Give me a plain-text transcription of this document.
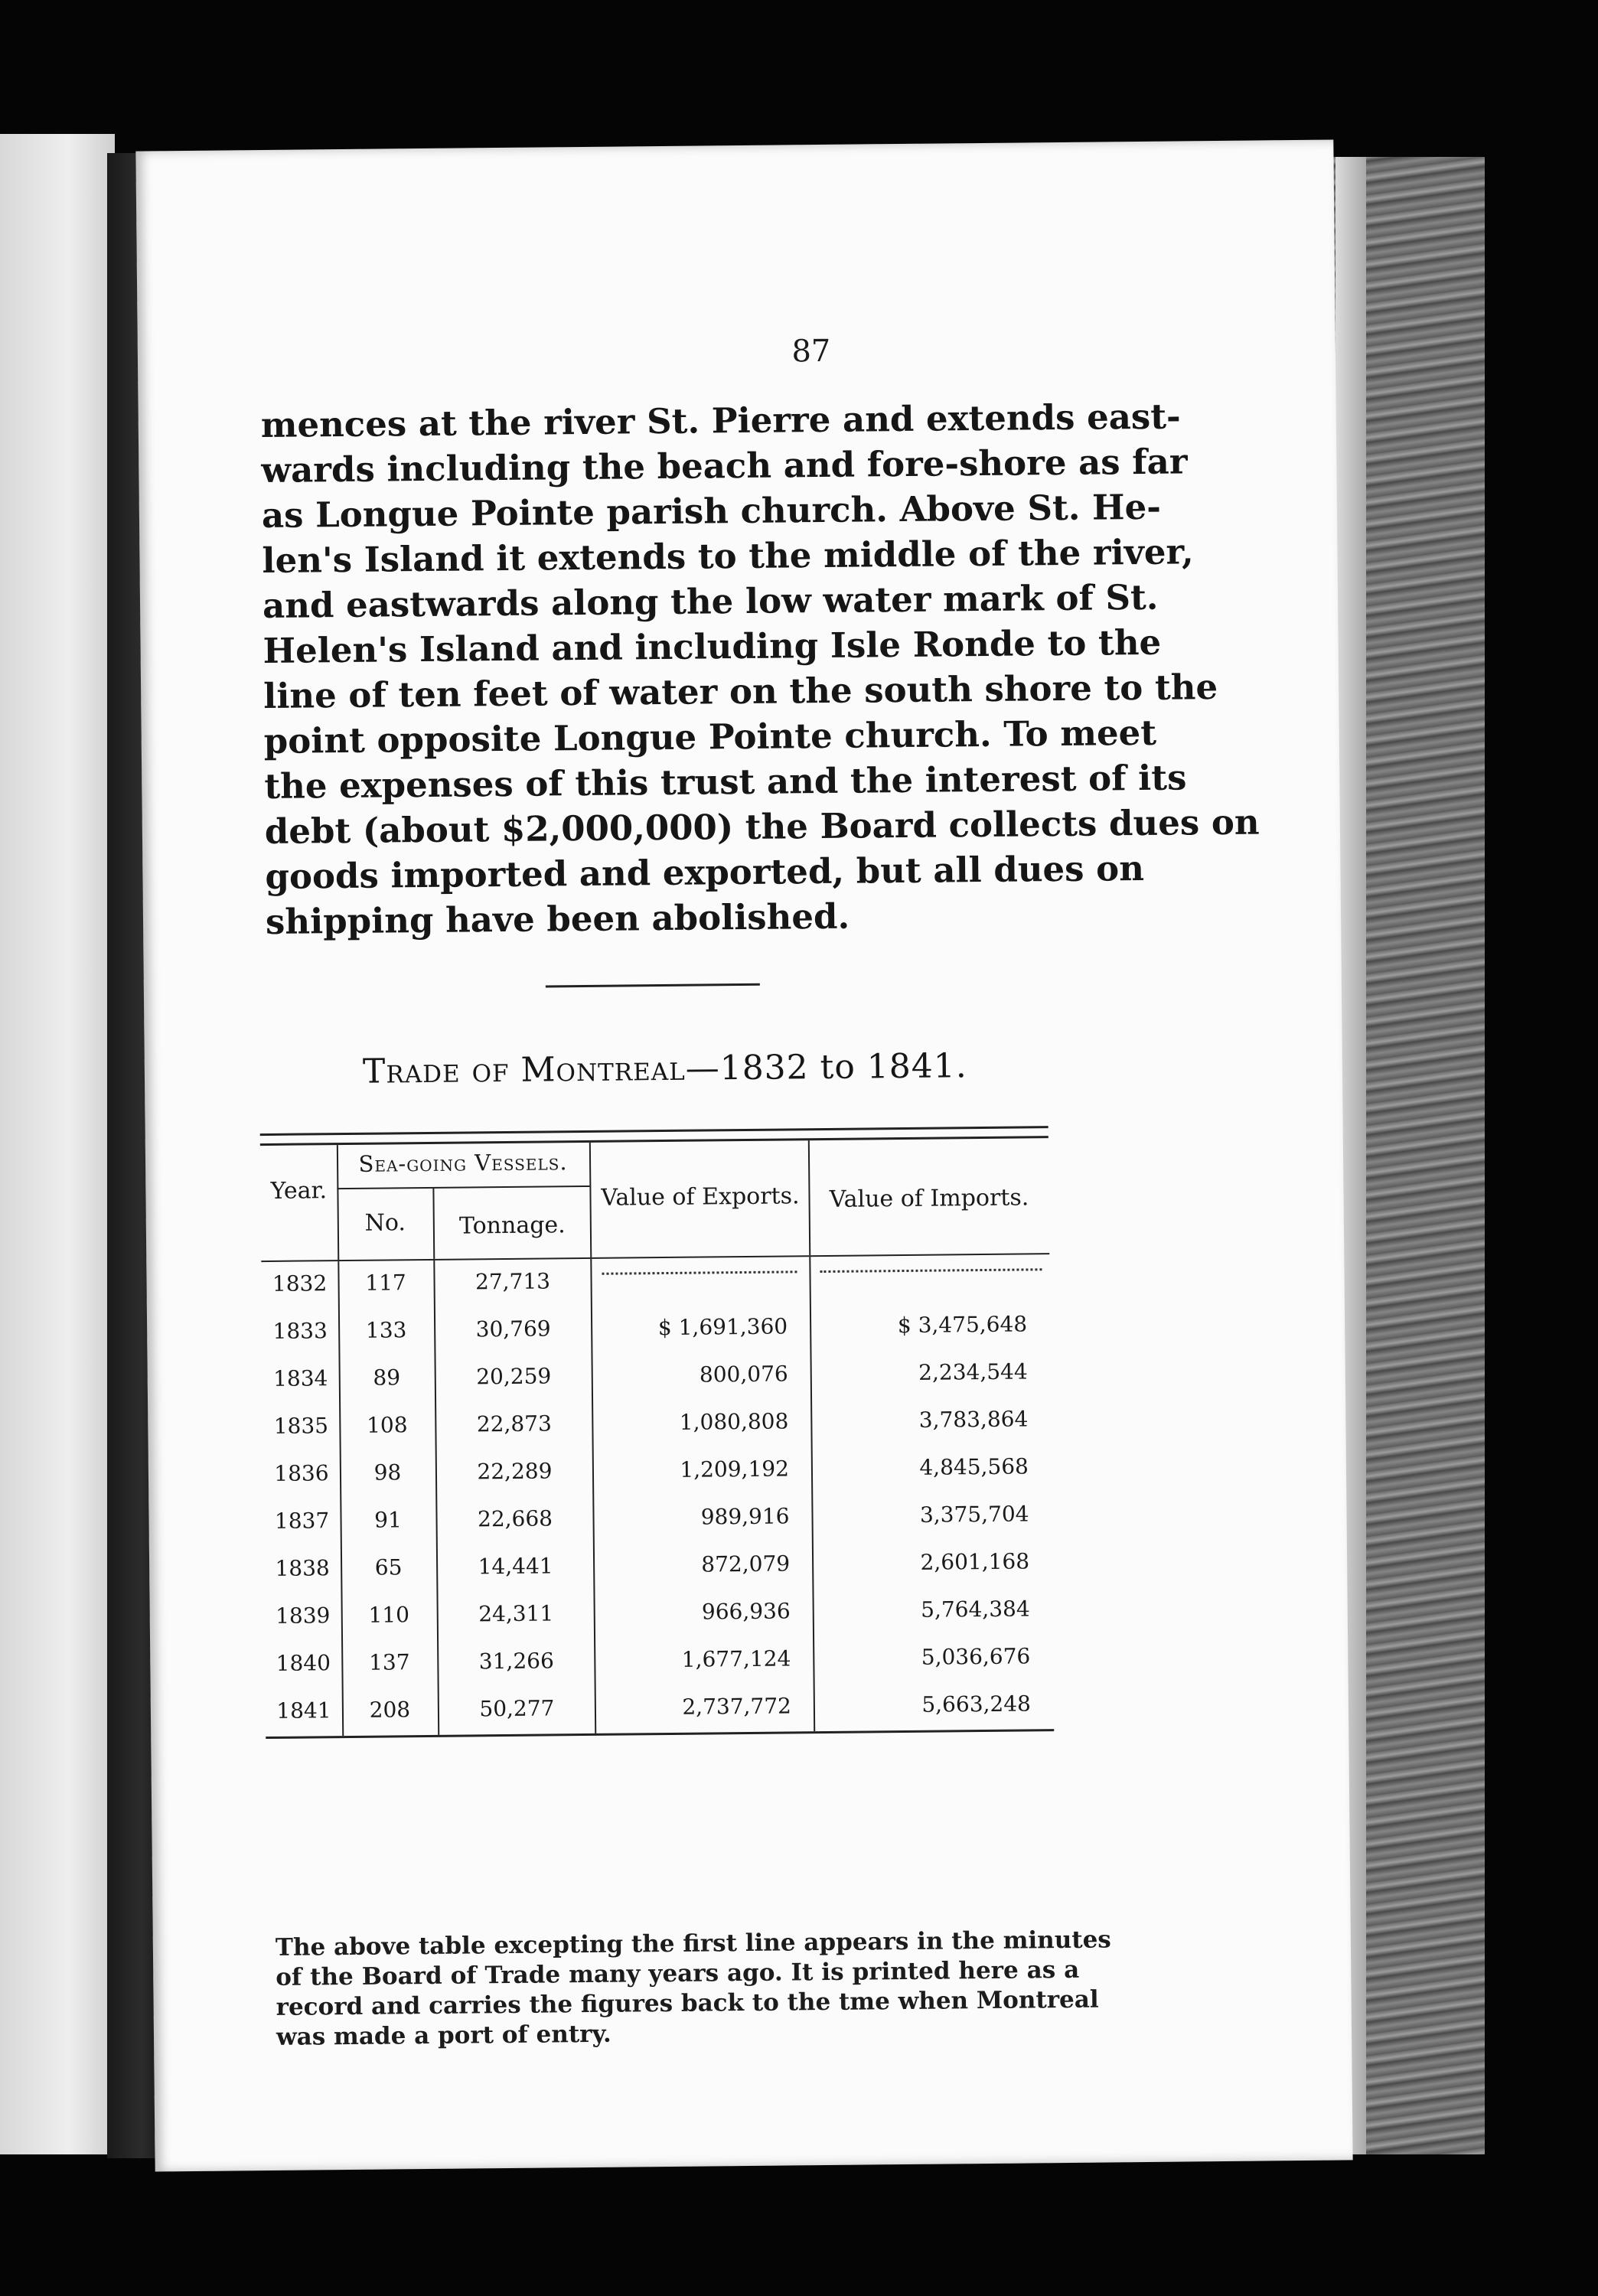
87
mences at the river St. Pierre and extends east-
wards including the beach and fore-shore as far
as Longue Pointe parish church. Above St. He-
len's Island it extends to the middle of the river,
and eastwards along the low water mark of St.
Helen's Island and including Isle Ronde to the
line of ten feet of water on the south shore to the
point opposite Longue Pointe church. To meet
the expenses of this trust and the interest of its
debt (about $2,000,000) the Board collects dues on
goods imported and exported, but all dues on
shipping have been abolished.
Trade of Montreal—1832 to 1841.
Year.
Sea-going Vessels.
No.	Tonnage.
Value of Exports.	Value of Imports.
1832	117	27,713
1833	133	30,769	$ 1,691,360	$ 3,475,648
1834	89	20,259	800,076	2,234,544
1835	108	22,873	1,080,808	3,783,864
1836	98	22,289	1,209,192	4,845,568
1837	91	22,668	989,916	3,375,704
1838	65	14,441	872,079	2,601,168
1839	110	24,311	966,936	5,764,384
1840	137	31,266	1,677,124	5,036,676
1841	208	50,277	2,737,772	5,663,248
The above table excepting the first line appears in the minutes
of the Board of Trade many years ago. It is printed here as a
record and carries the figures back to the tme when Montreal
was made a port of entry.
